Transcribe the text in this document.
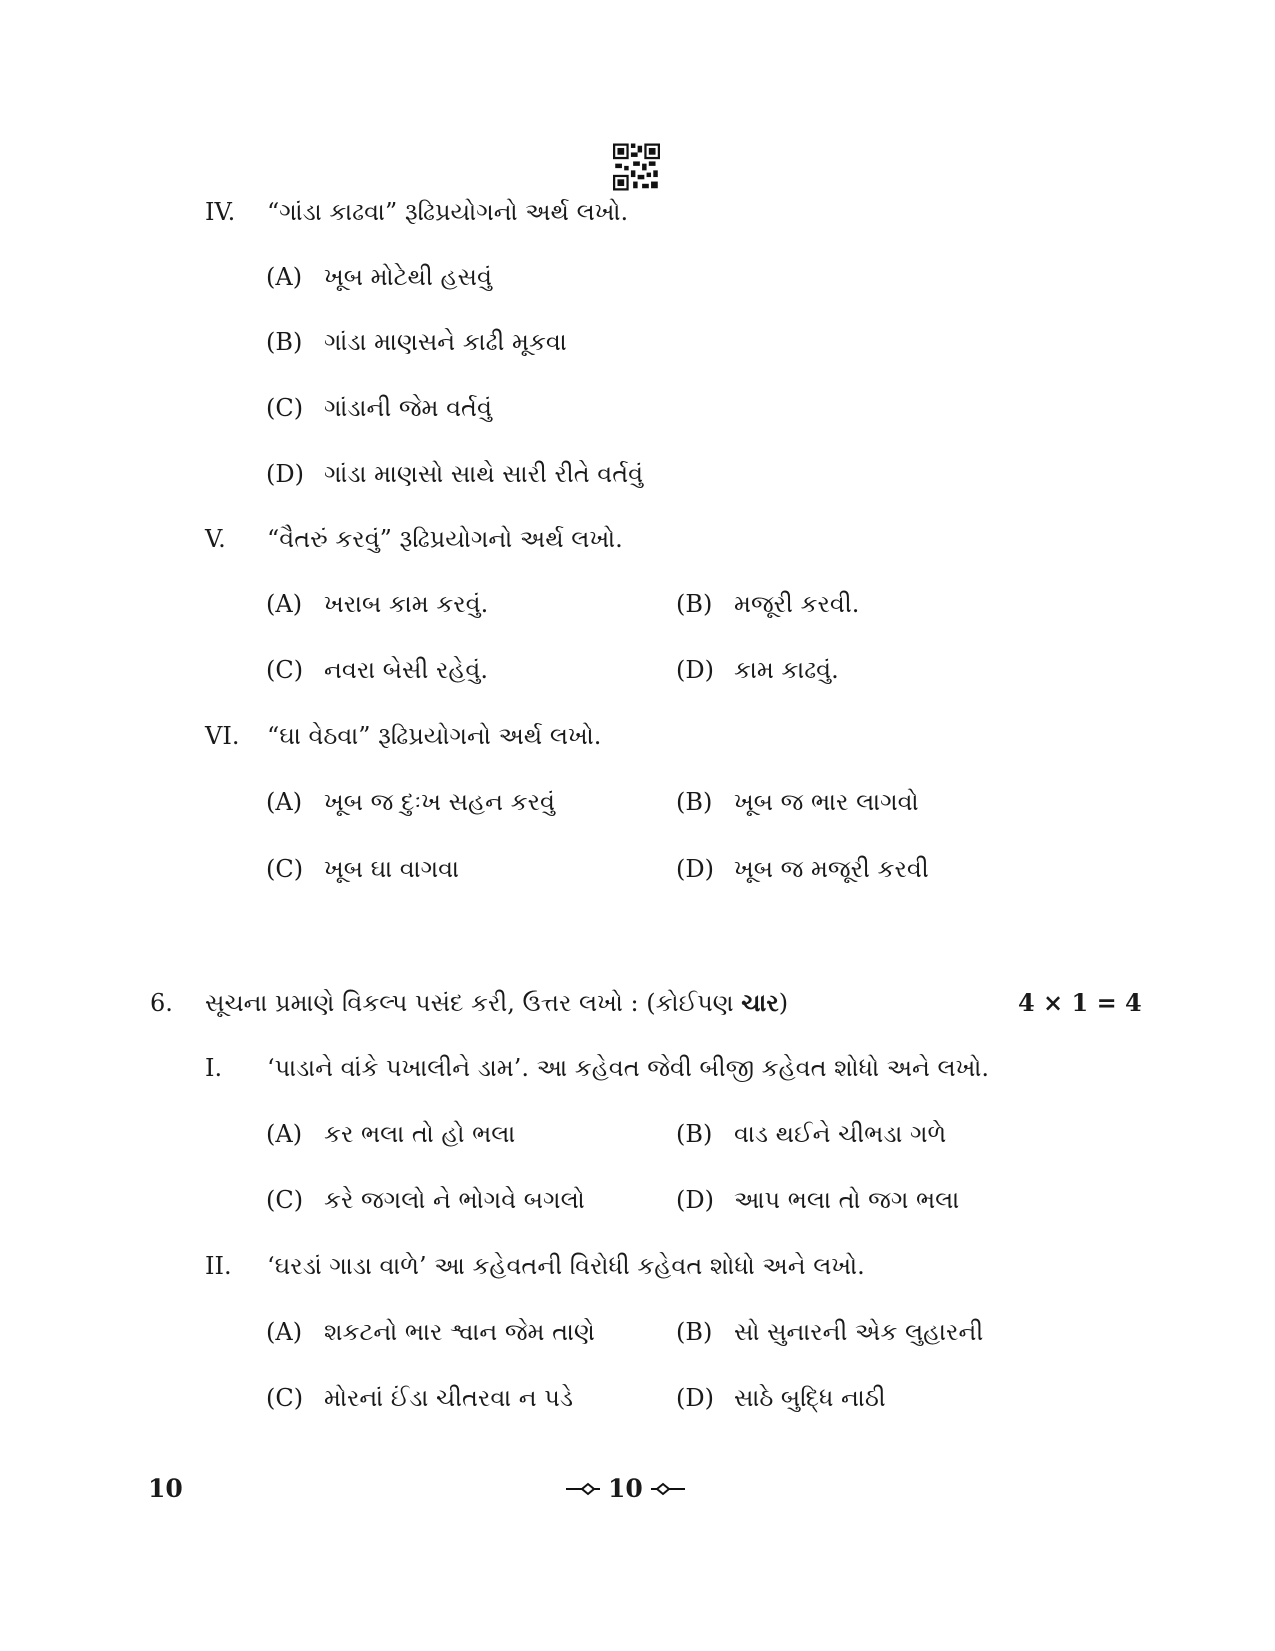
IV. “ગાંડા કાઢવા” રૂઢિપ્રયોગનો અર્થ લખો.
(A) ખૂબ મોટેથી હસવું
(B) ગાંડા માણસને કાઢી મૂકવા
(C) ગાંડાની જેમ વર્તવું
(D) ગાંડા માણસો સાથે સારી રીતે વર્તવું
V. “વૈતરું કરવું” રૂઢિપ્રયોગનો અર્થ લખો.
(A) ખરાબ કામ કરવું.	(B) મજૂરી કરવી.
(C) નવરા બેસી રહેવું.	(D) કામ કાઢવું.
VI. “ઘા વેઠવા” રૂઢિપ્રયોગનો અર્થ લખો.
(A) ખૂબ જ દુઃખ સહન કરવું	(B) ખૂબ જ ભાર લાગવો
(C) ખૂબ ઘા વાગવા	(D) ખૂબ જ મજૂરી કરવી
6. સૂચના પ્રમાણે વિકલ્પ પસંદ કરી, ઉત્તર લખો : (કોઈપણ ચાર)	4 × 1 = 4
I. ‘પાડાને વાંકે પખાલીને ડામ’. આ કહેવત જેવી બીજી કહેવત શોધો અને લખો.
(A) કર ભલા તો હો ભલા	(B) વાડ થઈને ચીભડા ગળે
(C) કરે જગલો ને ભોગવે બગલો	(D) આપ ભલા તો જગ ભલા
II. ‘ઘરડાં ગાડા વાળે’ આ કહેવતની વિરોધી કહેવત શોધો અને લખો.
(A) શકટનો ભાર શ્વાન જેમ તાણે	(B) સો સુનારની એક લુહારની
(C) મોરનાં ઈંડા ચીતરવા ન પડે	(D) સાઠે બુદ્ધિ નાઠી
10	10
